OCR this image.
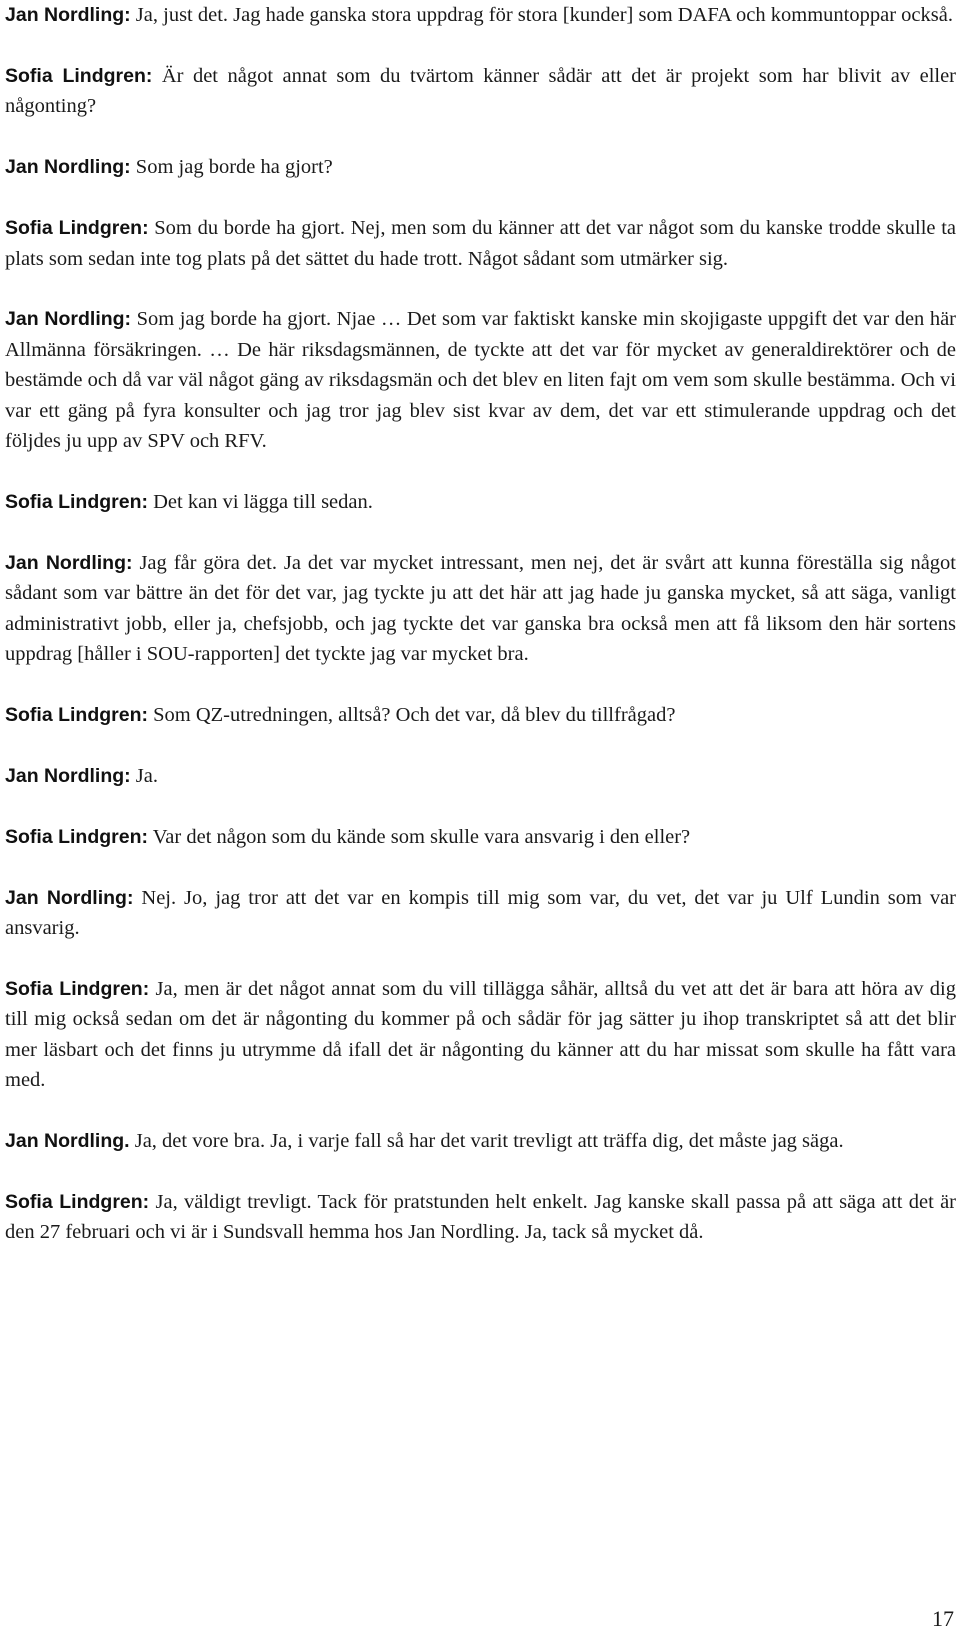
Jan Nordling: Ja, just det. Jag hade ganska stora uppdrag för stora [kunder] som DAFA och kommuntoppar också.

Sofia Lindgren: Är det något annat som du tvärtom känner sådär att det är projekt som har blivit av eller någonting?

Jan Nordling: Som jag borde ha gjort?

Sofia Lindgren: Som du borde ha gjort. Nej, men som du känner att det var något som du kanske trodde skulle ta plats som sedan inte tog plats på det sättet du hade trott. Något sådant som utmärker sig.

Jan Nordling: Som jag borde ha gjort. Njae … Det som var faktiskt kanske min skojigaste uppgift det var den här Allmänna försäkringen. … De här riksdagsmännen, de tyckte att det var för mycket av generaldirektörer och de bestämde och då var väl något gäng av riksdagsmän och det blev en liten fajt om vem som skulle bestämma. Och vi var ett gäng på fyra konsulter och jag tror jag blev sist kvar av dem, det var ett stimulerande uppdrag och det följdes ju upp av SPV och RFV.

Sofia Lindgren: Det kan vi lägga till sedan.

Jan Nordling: Jag får göra det. Ja det var mycket intressant, men nej, det är svårt att kunna föreställa sig något sådant som var bättre än det för det var, jag tyckte ju att det här att jag hade ju ganska mycket, så att säga, vanligt administrativt jobb, eller ja, chefsjobb, och jag tyckte det var ganska bra också men att få liksom den här sortens uppdrag [håller i SOU-rapporten] det tyckte jag var mycket bra.

Sofia Lindgren: Som QZ-utredningen, alltså? Och det var, då blev du tillfrågad?

Jan Nordling: Ja.

Sofia Lindgren: Var det någon som du kände som skulle vara ansvarig i den eller?

Jan Nordling: Nej. Jo, jag tror att det var en kompis till mig som var, du vet, det var ju Ulf Lundin som var ansvarig.

Sofia Lindgren: Ja, men är det något annat som du vill tillägga såhär, alltså du vet att det är bara att höra av dig till mig också sedan om det är någonting du kommer på och sådär för jag sätter ju ihop transkriptet så att det blir mer läsbart och det finns ju utrymme då ifall det är någonting du känner att du har missat som skulle ha fått vara med.

Jan Nordling. Ja, det vore bra. Ja, i varje fall så har det varit trevligt att träffa dig, det måste jag säga.

Sofia Lindgren: Ja, väldigt trevligt. Tack för pratstunden helt enkelt. Jag kanske skall passa på att säga att det är den 27 februari och vi är i Sundsvall hemma hos Jan Nordling. Ja, tack så mycket då.

17
